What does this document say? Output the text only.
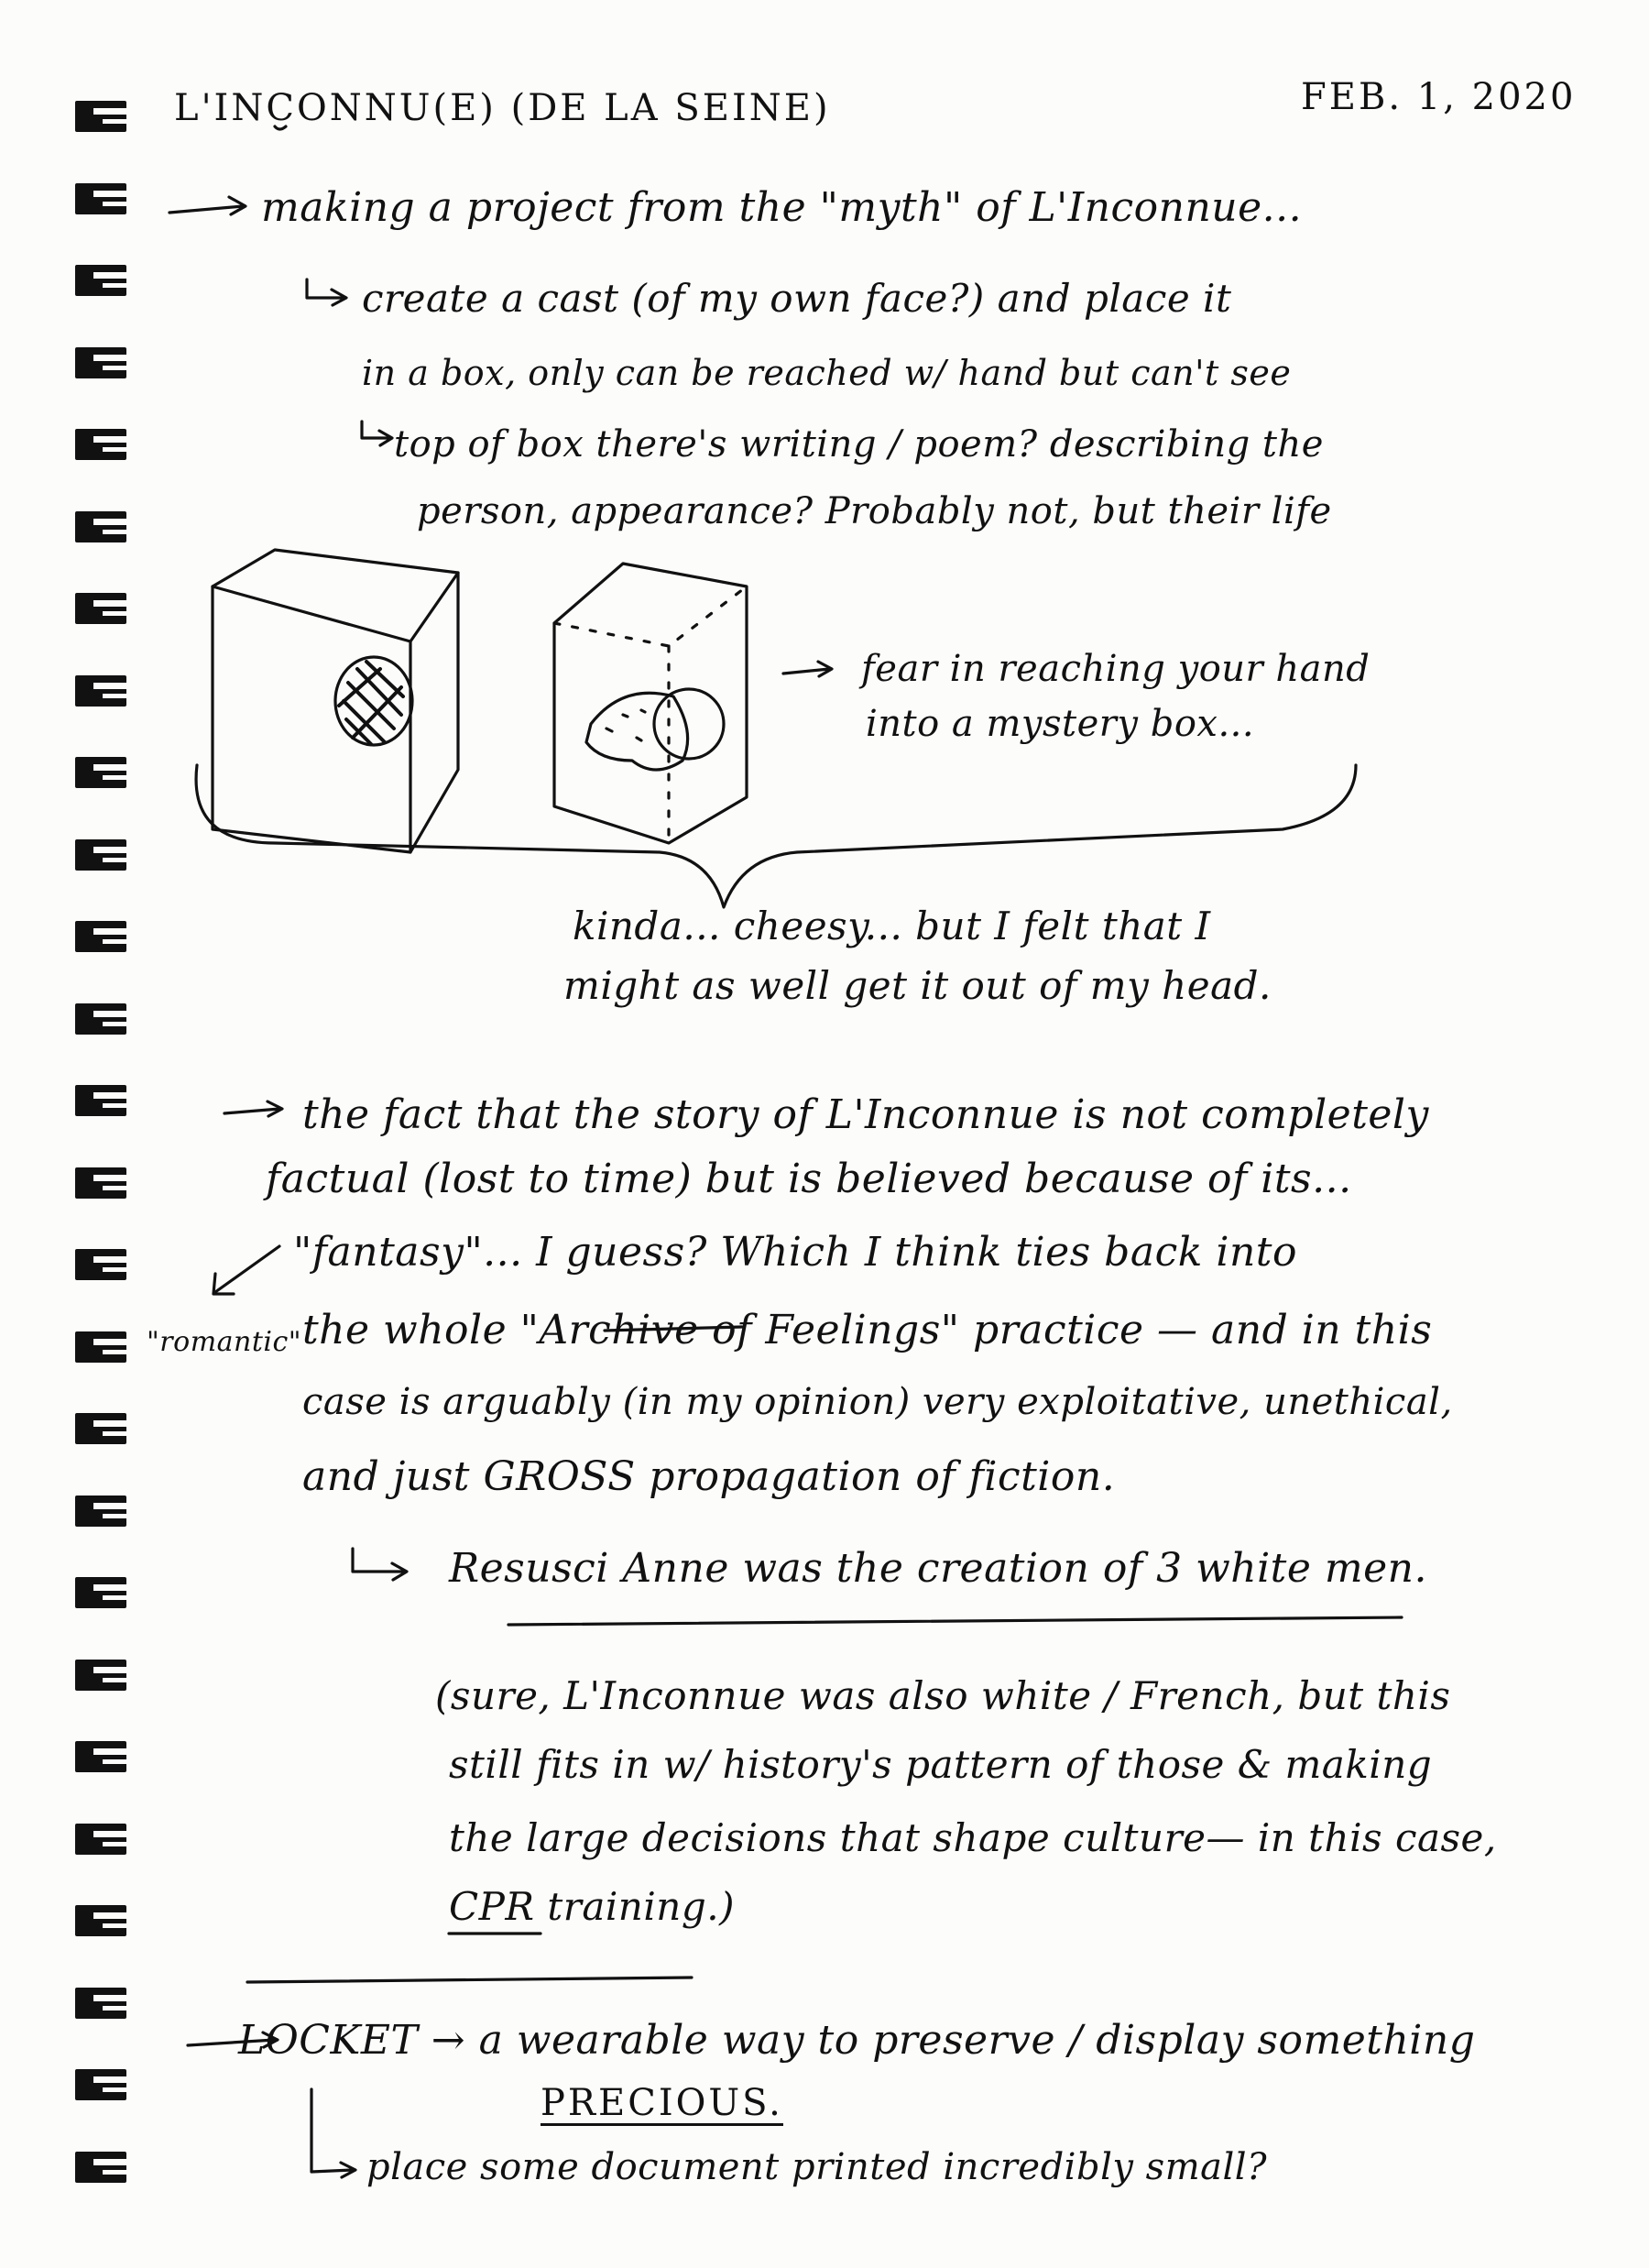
L'INCONNU(E) (DE LA SEINE)	FEB. 1, 2020
making a project from the "myth" of L'Inconnue...
create a cast (of my own face?) and place it
in a box, only can be reached w/ hand but can't see
top of box there's writing / poem? describing the
person, appearance? Probably not, but their life
fear in reaching your hand
into a mystery box...
kinda... cheesy... but I felt that I
might as well get it out of my head.
the fact that the story of L'Inconnue is not completely
factual (lost to time) but is believed because of its...
"fantasy"... I guess? Which I think ties back into
"romantic" the whole "Archive of Feelings" practice — and in this
case is arguably (in my opinion) very exploitative, unethical,
and just GROSS propagation of fiction.
Resusci Anne was the creation of 3 white men.
(sure, L'Inconnue was also white / French, but this
still fits in w/ history's pattern of those & making
the large decisions that shape culture— in this case,
CPR training.)
LOCKET → a wearable way to preserve / display something
PRECIOUS.
place some document printed incredibly small?
